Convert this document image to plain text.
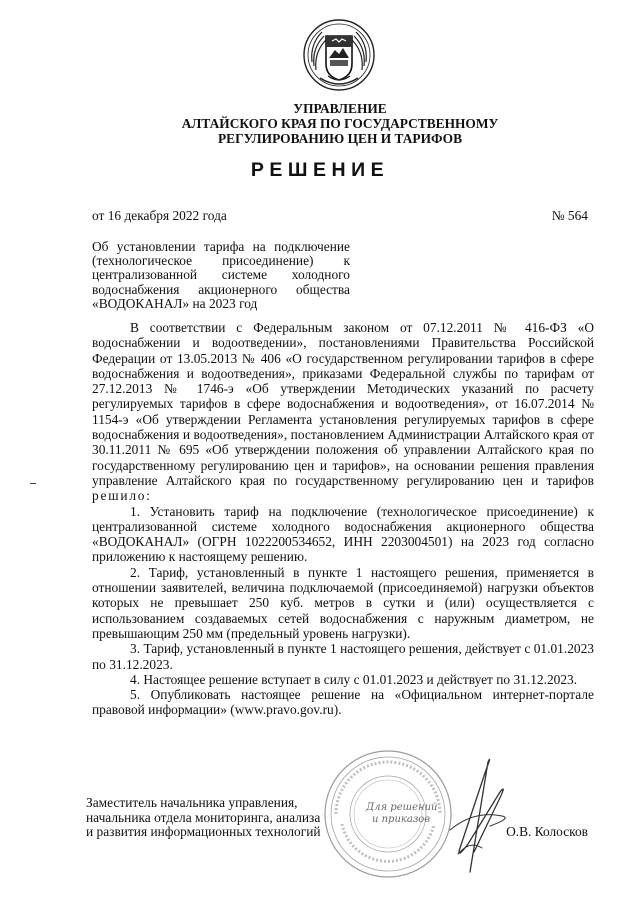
УПРАВЛЕНИЕ
АЛТАЙСКОГО КРАЯ ПО ГОСУДАРСТВЕННОМУ
РЕГУЛИРОВАНИЮ ЦЕН И ТАРИФОВ
РЕШЕНИЕ
от 16 декабря 2022 года	№ 564
Об установлении тарифа на подключение
(технологическое присоединение) к
централизованной системе холодного
водоснабжения акционерного общества
«ВОДОКАНАЛ» на 2023 год

В соответствии с Федеральным законом от 07.12.2011 № 416-ФЗ «О водоснабжении и водоотведении», постановлениями Правительства Российской Федерации от 13.05.2013 № 406 «О государственном регулировании тарифов в сфере водоснабжения и водоотведения», приказами Федеральной службы по тарифам от 27.12.2013 № 1746-э «Об утверждении Методических указаний по расчету регулируемых тарифов в сфере водоснабжения и водоотведения», от 16.07.2014 № 1154-э «Об утверждении Регламента установления регулируемых тарифов в сфере водоснабжения и водоотведения», постановлением Администрации Алтайского края от 30.11.2011 № 695 «Об утверждении положения об управлении Алтайского края по государственному регулированию цен и тарифов», на основании решения правления управление Алтайского края по государственному регулированию цен и тарифов решило:

1. Установить тариф на подключение (технологическое присоединение) к централизованной системе холодного водоснабжения акционерного общества «ВОДОКАНАЛ» (ОГРН 1022200534652, ИНН 2203004501) на 2023 год согласно приложению к настоящему решению.

2. Тариф, установленный в пункте 1 настоящего решения, применяется в отношении заявителей, величина подключаемой (присоединяемой) нагрузки объектов которых не превышает 250 куб. метров в сутки и (или) осуществляется с использованием создаваемых сетей водоснабжения с наружным диаметром, не превышающим 250 мм (предельный уровень нагрузки).

3. Тариф, установленный в пункте 1 настоящего решения, действует с 01.01.2023 по 31.12.2023.

4. Настоящее решение вступает в силу с 01.01.2023 и действует по 31.12.2023.

5. Опубликовать настоящее решение на «Официальном интернет-портале правовой информации» (www.pravo.gov.ru).

Для решений
и приказов
Заместитель начальника управления,
начальника отдела мониторинга, анализа
и развития информационных технологий	О.В. Колосков
